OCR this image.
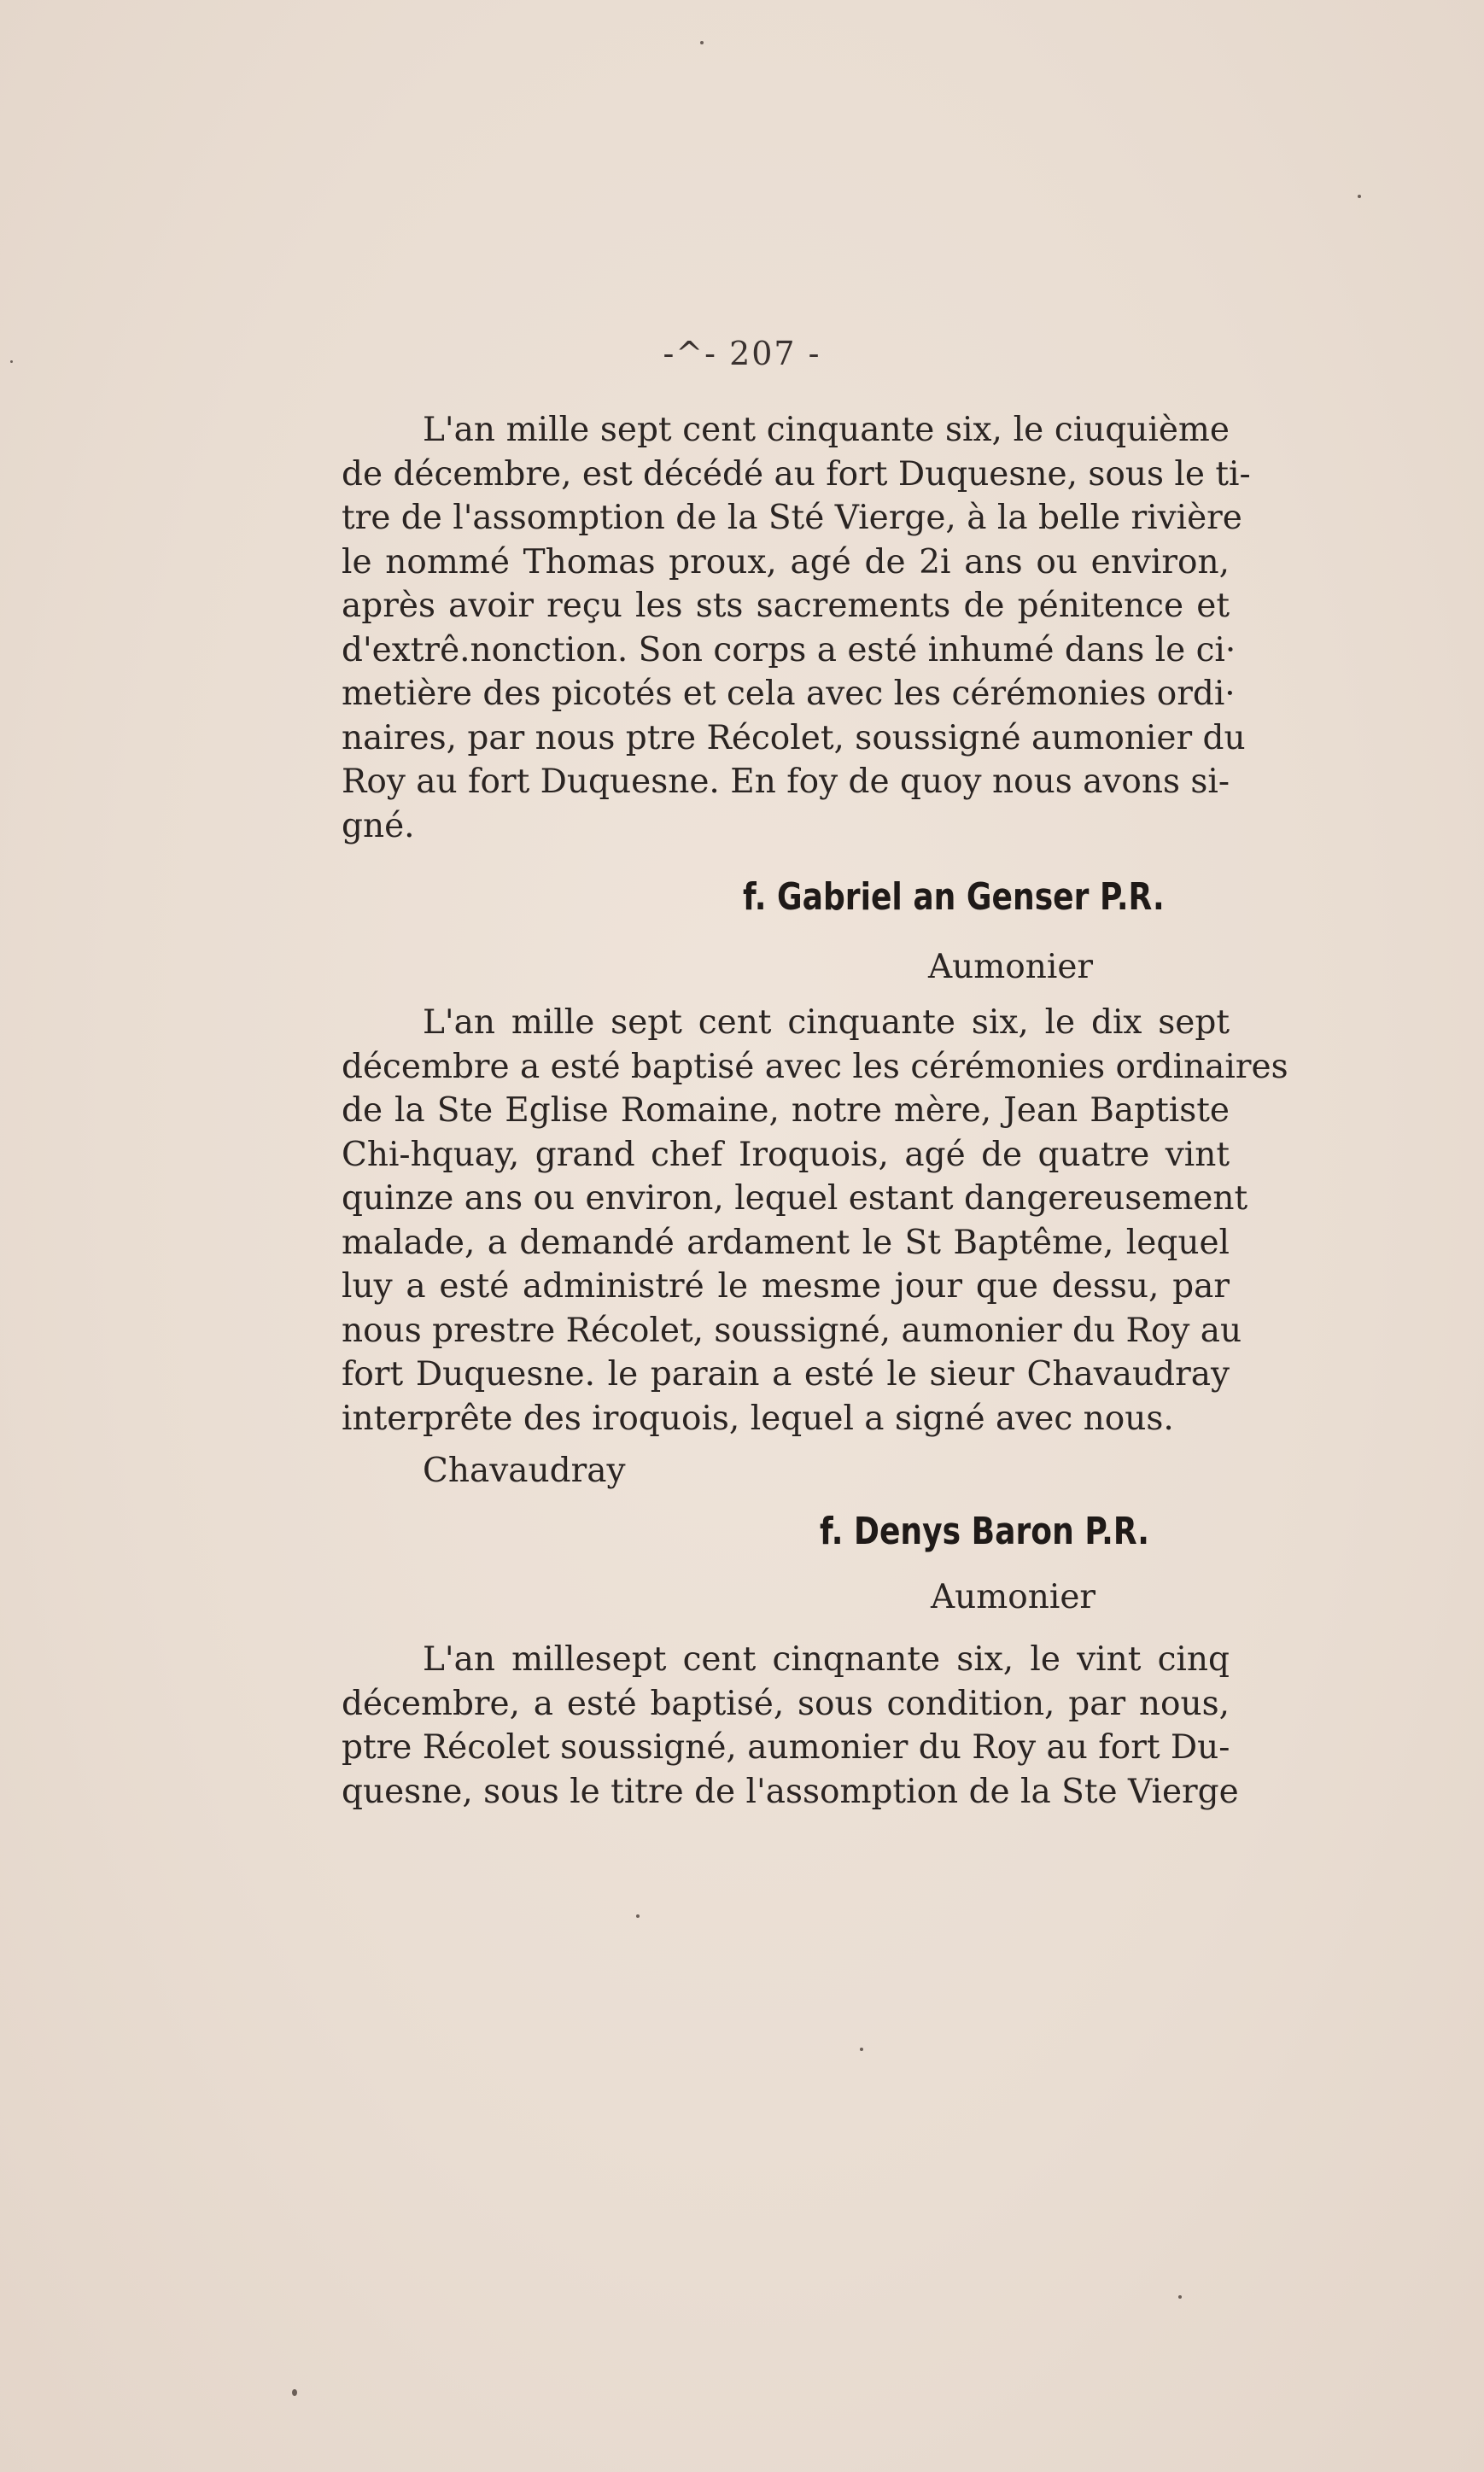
-^- 207 -
L'an mille sept cent cinquante six, le ciuquième
de décembre, est décédé au fort Duquesne, sous le ti-
tre de l'assomption de la Sté Vierge, à la belle rivière
le nommé Thomas proux, agé de 2i ans ou environ,
après avoir reçu les sts sacrements de pénitence et
d'extrê.nonction. Son corps a esté inhumé dans le ci·
metière des picotés et cela avec les cérémonies ordi·
naires, par nous ptre Récolet, soussigné aumonier du
Roy au fort Duquesne. En foy de quoy nous avons si-
gné.
f. Gabriel an Genser P.R.
Aumonier
L'an mille sept cent cinquante six, le dix sept
décembre a esté baptisé avec les cérémonies ordinaires
de la Ste Eglise Romaine, notre mère, Jean Baptiste
Chi-hquay, grand chef Iroquois, agé de quatre vint
quinze ans ou environ, lequel estant dangereusement
malade, a demandé ardament le St Baptême, lequel
luy a esté administré le mesme jour que dessu, par
nous prestre Récolet, soussigné, aumonier du Roy au
fort Duquesne. le parain a esté le sieur Chavaudray
interprête des iroquois, lequel a signé avec nous.
Chavaudray
f. Denys Baron P.R.
Aumonier
L'an millesept cent cinqnante six, le vint cinq
décembre, a esté baptisé, sous condition, par nous,
ptre Récolet soussigné, aumonier du Roy au fort Du-
quesne, sous le titre de l'assomption de la Ste Vierge
